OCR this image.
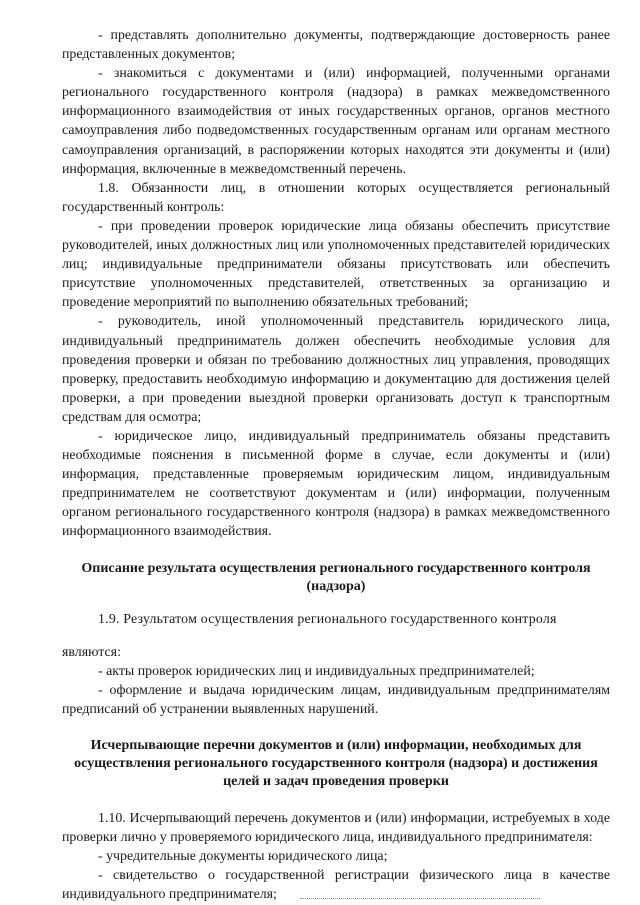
- представлять дополнительно документы, подтверждающие достоверность ранее представленных документов;

- знакомиться с документами и (или) информацией, полученными органами регионального государственного контроля (надзора) в рамках межведомственного информационного взаимодействия от иных государственных органов, органов местного самоуправления либо подведомственных государственным органам или органам местного самоуправления организаций, в распоряжении которых находятся эти документы и (или) информация, включенные в межведомственный перечень.

1.8. Обязанности лиц, в отношении которых осуществляется региональный государственный контроль:

- при проведении проверок юридические лица обязаны обеспечить присутствие руководителей, иных должностных лиц или уполномоченных представителей юридических лиц; индивидуальные предприниматели обязаны присутствовать или обеспечить присутствие уполномоченных представителей, ответственных за организацию и проведение мероприятий по выполнению обязательных требований;

- руководитель, иной уполномоченный представитель юридического лица, индивидуальный предприниматель должен обеспечить необходимые условия для проведения проверки и обязан по требованию должностных лиц управления, проводящих проверку, предоставить необходимую информацию и документацию для достижения целей проверки, а при проведении выездной проверки организовать доступ к транспортным средствам для осмотра;

- юридическое лицо, индивидуальный предприниматель обязаны представить необходимые пояснения в письменной форме в случае, если документы и (или) информация, представленные проверяемым юридическим лицом, индивидуальным предпринимателем не соответствуют документам и (или) информации, полученным органом регионального государственного контроля (надзора) в рамках межведомственного информационного взаимодействия.

Описание результата осуществления регионального государственного контроля (надзора)

1.9. Результатом осуществления регионального государственного контроля

являются:

- акты проверок юридических лиц и индивидуальных предпринимателей;

- оформление и выдача юридическим лицам, индивидуальным предпринимателям предписаний об устранении выявленных нарушений.

Исчерпывающие перечни документов и (или) информации, необходимых для осуществления регионального государственного контроля (надзора) и достижения целей и задач проведения проверки

1.10. Исчерпывающий перечень документов и (или) информации, истребуемых в ходе проверки лично у проверяемого юридического лица, индивидуального предпринимателя:

- учредительные документы юридического лица;

- свидетельство о государственной регистрации физического лица в качестве индивидуального предпринимателя;
